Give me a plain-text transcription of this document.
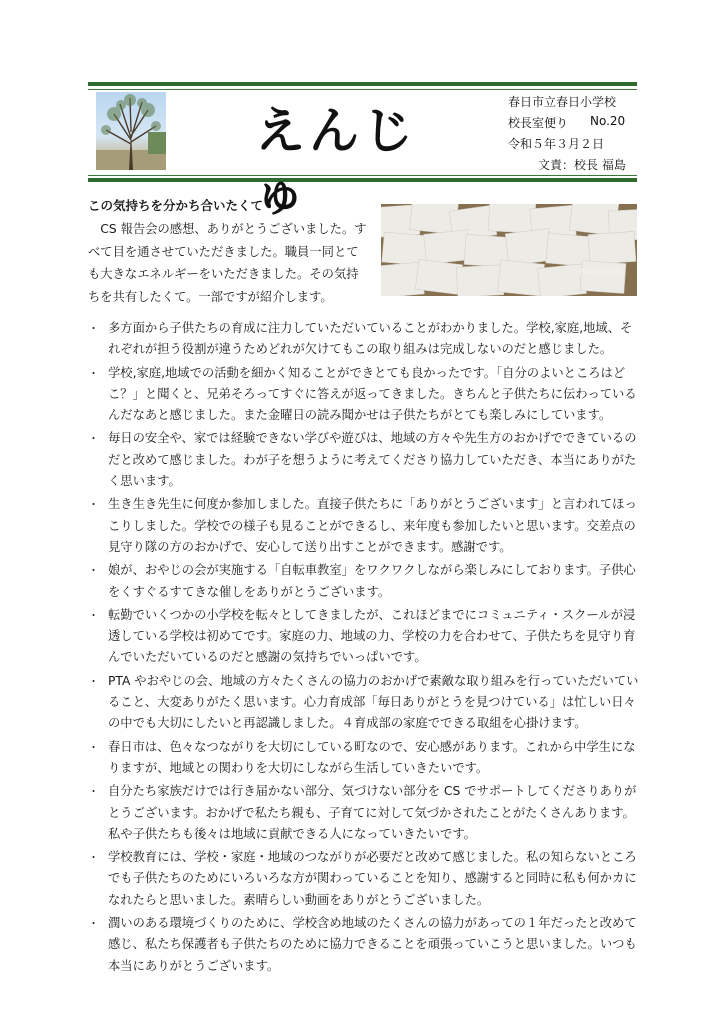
えんじゅ
春日市立春日小学校
校長室便り No.20
令和５年３月２日
文責：校長 福島
この気持ちを分かち合いたくて

　CS 報告会の感想、ありがとうございました。すべて目を通させていただきました。職員一同とても大きなエネルギーをいただきました。その気持ちを共有したくて。一部ですが紹介します。

2023/03/01
・ 多方面から子供たちの育成に注力していただいていることがわかりました。学校,家庭,地域、それぞれが担う役割が違うためどれが欠けてもこの取り組みは完成しないのだと感じました。
・ 学校,家庭,地域での活動を細かく知ることができとても良かったです。「自分のよいところはどこ？」と聞くと、兄弟そろってすぐに答えが返ってきました。きちんと子供たちに伝わっているんだなあと感じました。また金曜日の読み聞かせは子供たちがとても楽しみにしています。
・ 毎日の安全や、家では経験できない学びや遊びは、地域の方々や先生方のおかげでできているのだと改めて感じました。わが子を想うように考えてくださり協力していただき、本当にありがたく思います。
・ 生き生き先生に何度か参加しました。直接子供たちに「ありがとうございます」と言われてほっこりしました。学校での様子も見ることができるし、来年度も参加したいと思います。交差点の見守り隊の方のおかげで、安心して送り出すことができます。感謝です。
・ 娘が、おやじの会が実施する「自転車教室」をワクワクしながら楽しみにしております。子供心をくすぐるすてきな催しをありがとうございます。
・ 転勤でいくつかの小学校を転々としてきましたが、これほどまでにコミュニティ・スクールが浸透している学校は初めてです。家庭の力、地域の力、学校の力を合わせて、子供たちを見守り育んでいただいているのだと感謝の気持ちでいっぱいです。
・ PTA やおやじの会、地域の方々たくさんの協力のおかげで素敵な取り組みを行っていただいていること、大変ありがたく思います。心力育成部「毎日ありがとうを見つけている」は忙しい日々の中でも大切にしたいと再認識しました。４育成部の家庭でできる取組を心掛けます。
・ 春日市は、色々なつながりを大切にしている町なので、安心感があります。これから中学生になりますが、地域との関わりを大切にしながら生活していきたいです。
・ 自分たち家族だけでは行き届かない部分、気づけない部分を CS でサポートしてくださりありがとうございます。おかげで私たち親も、子育てに対して気づかされたことがたくさんあります。私や子供たちも後々は地域に貢献できる人になっていきたいです。
・ 学校教育には、学校・家庭・地域のつながりが必要だと改めて感じました。私の知らないところでも子供たちのためにいろいろな方が関わっていることを知り、感謝すると同時に私も何かカになれたらと思いました。素晴らしい動画をありがとうございました。
・ 潤いのある環境づくりのために、学校含め地域のたくさんの協力があっての１年だったと改めて感じ、私たち保護者も子供たちのために協力できることを頑張っていこうと思いました。いつも本当にありがとうございます。
